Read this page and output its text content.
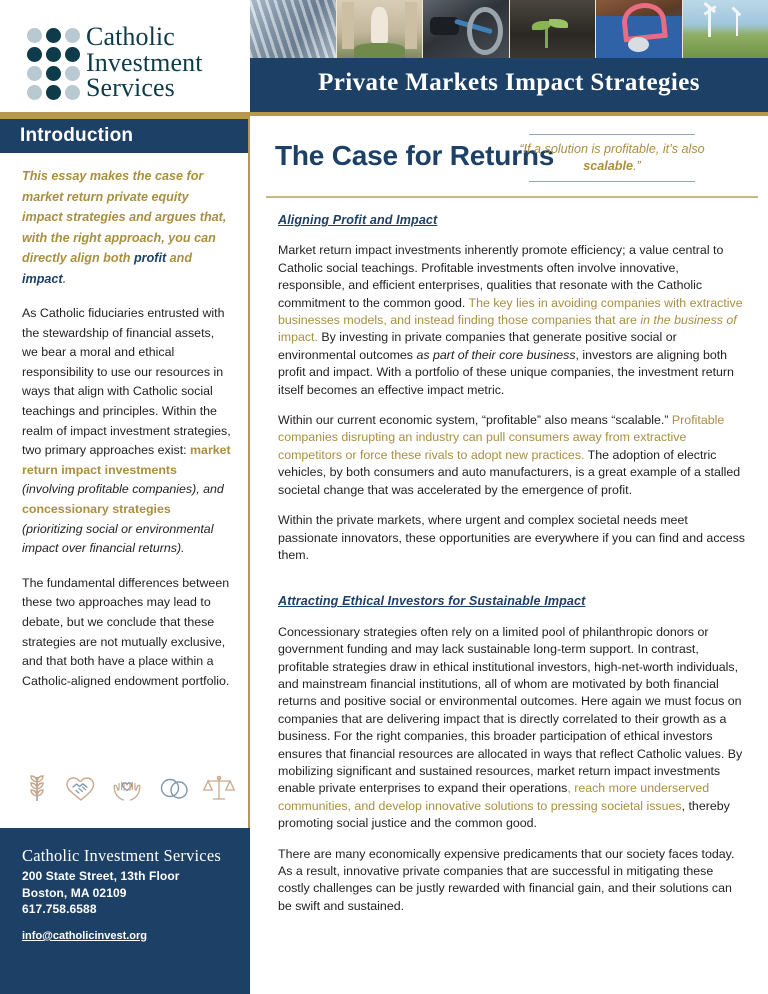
Catholic
Investment
Services
Introduction

This essay makes the case for market return private equity impact strategies and argues that, with the right approach, you can directly align both profit and impact.

As Catholic fiduciaries entrusted with the stewardship of financial assets, we bear a moral and ethical responsibility to use our resources in ways that align with Catholic social teachings and principles. Within the realm of impact investment strategies, two primary approaches exist: market return impact investments (involving profitable companies), and concessionary strategies (prioritizing social or environmental impact over financial returns).

The fundamental differences between these two approaches may lead to debate, but we conclude that these strategies are not mutually exclusive, and that both have a place within a Catholic-aligned endowment portfolio.

Catholic Investment Services
200 State Street, 13th Floor
Boston, MA 02109
617.758.6588
info@catholicinvest.org
Private Markets Impact Strategies
The Case for Returns
“If a solution is profitable, it’s also scalable.”

Aligning Profit and Impact

Market return impact investments inherently promote efficiency; a value central to Catholic social teachings. Profitable investments often involve innovative, responsible, and efficient enterprises, qualities that resonate with the Catholic commitment to the common good. The key lies in avoiding companies with extractive businesses models, and instead finding those companies that are in the business of impact. By investing in private companies that generate positive social or environmental outcomes as part of their core business, investors are aligning both profit and impact. With a portfolio of these unique companies, the investment return itself becomes an effective impact metric.

Within our current economic system, “profitable” also means “scalable.” Profitable companies disrupting an industry can pull consumers away from extractive competitors or force these rivals to adopt new practices. The adoption of electric vehicles, by both consumers and auto manufacturers, is a great example of a stalled societal change that was accelerated by the emergence of profit.

Within the private markets, where urgent and complex societal needs meet passionate innovators, these opportunities are everywhere if you can find and access them.

Attracting Ethical Investors for Sustainable Impact

Concessionary strategies often rely on a limited pool of philanthropic donors or government funding and may lack sustainable long-term support. In contrast, profitable strategies draw in ethical institutional investors, high-net-worth individuals, and mainstream financial institutions, all of whom are motivated by both financial returns and positive social or environmental outcomes. Here again we must focus on companies that are delivering impact that is directly correlated to their growth as a business. For the right companies, this broader participation of ethical investors ensures that financial resources are allocated in ways that reflect Catholic values. By mobilizing significant and sustained resources, market return impact investments enable private enterprises to expand their operations, reach more underserved communities, and develop innovative solutions to pressing societal issues, thereby promoting social justice and the common good.

There are many economically expensive predicaments that our society faces today. As a result, innovative private companies that are successful in mitigating these costly challenges can be justly rewarded with financial gain, and their solutions can be swift and sustained.
